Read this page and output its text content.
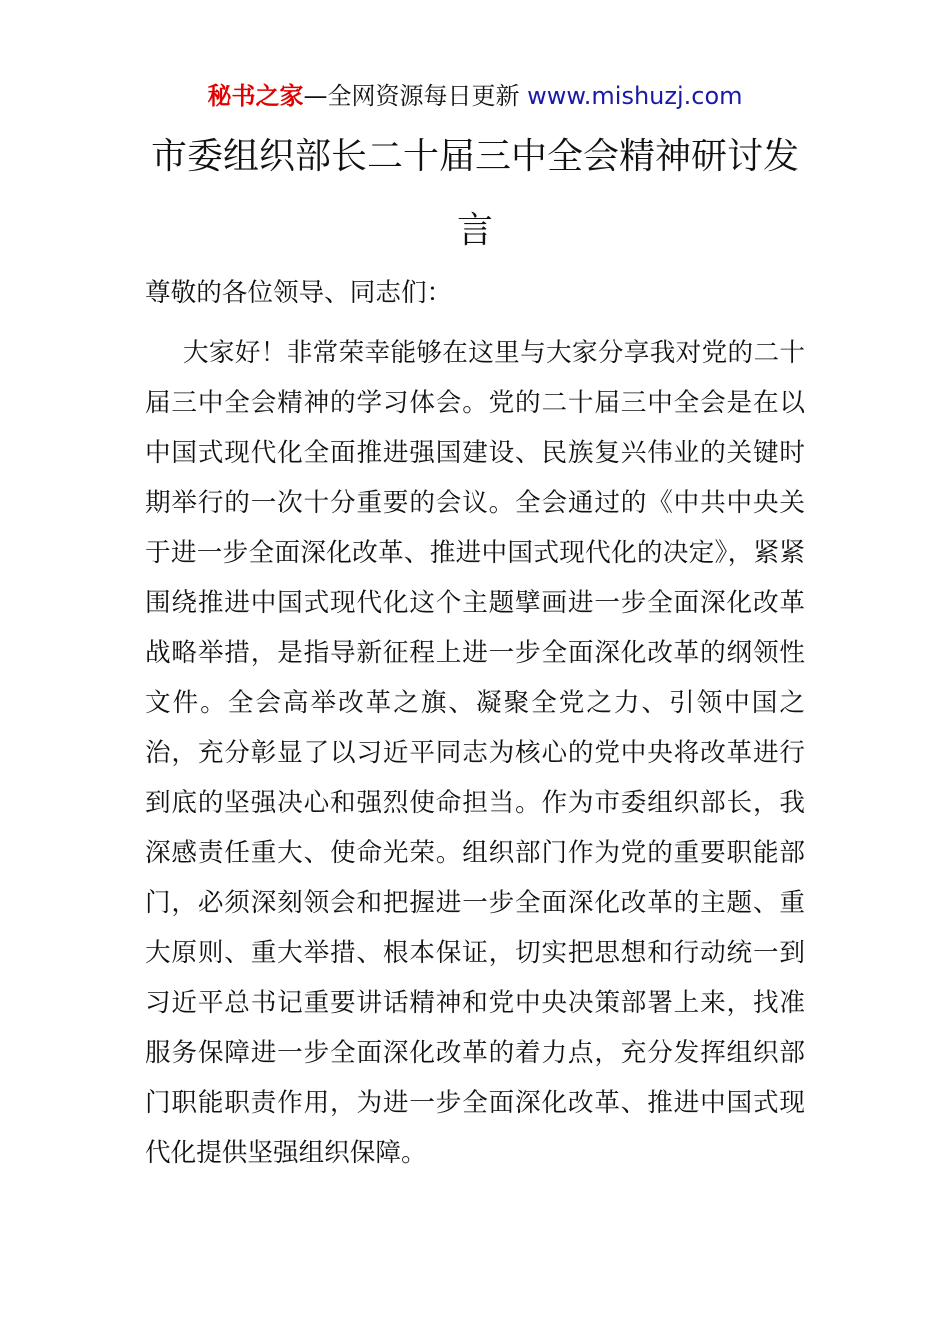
秘书之家—全网资源每日更新 www.mishuzj.com
市委组织部长二十届三中全会精神研讨发言

尊敬的各位领导、同志们：

大家好！非常荣幸能够在这里与大家分享我对党的二十届三中全会精神的学习体会。党的二十届三中全会是在以中国式现代化全面推进强国建设、民族复兴伟业的关键时期举行的一次十分重要的会议。全会通过的《中共中央关于进一步全面深化改革、推进中国式现代化的决定》，紧紧围绕推进中国式现代化这个主题擘画进一步全面深化改革战略举措，是指导新征程上进一步全面深化改革的纲领性文件。全会高举改革之旗、凝聚全党之力、引领中国之治，充分彰显了以习近平同志为核心的党中央将改革进行到底的坚强决心和强烈使命担当。作为市委组织部长，我深感责任重大、使命光荣。组织部门作为党的重要职能部门，必须深刻领会和把握进一步全面深化改革的主题、重大原则、重大举措、根本保证，切实把思想和行动统一到习近平总书记重要讲话精神和党中央决策部署上来，找准服务保障进一步全面深化改革的着力点，充分发挥组织部门职能职责作用，为进一步全面深化改革、推进中国式现代化提供坚强组织保障。
